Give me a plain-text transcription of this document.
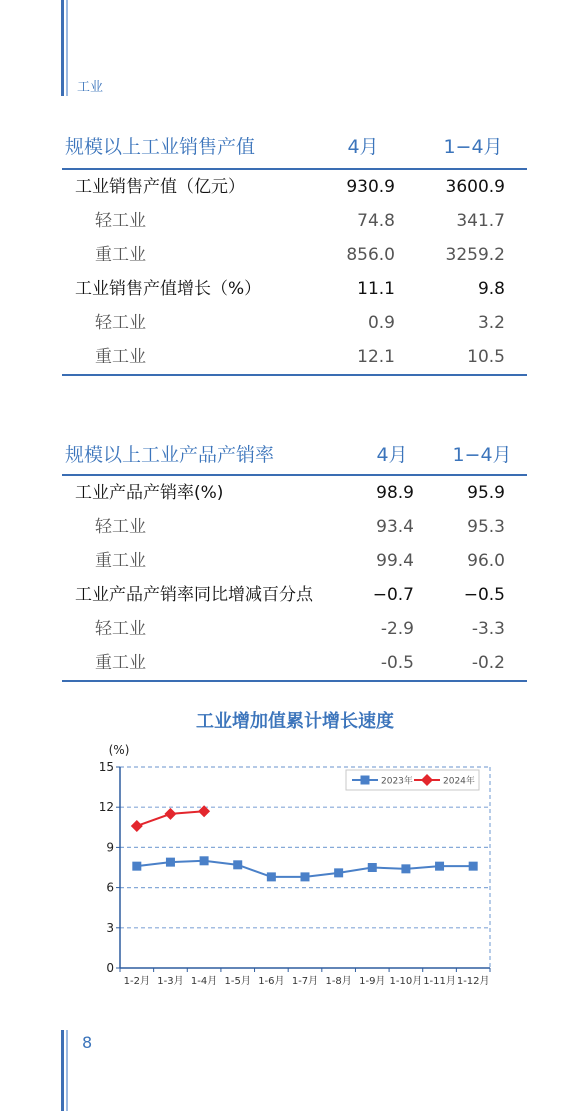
工业
规模以上工业销售产值	4月	1−4月
工业销售产值（亿元）	930.9	3600.9
轻工业	74.8	341.7
重工业	856.0	3259.2
工业销售产值增长（%）	11.1	9.8
轻工业	0.9	3.2
重工业	12.1	10.5
规模以上工业产品产销率	4月	1−4月
工业产品产销率(%)	98.9	95.9
轻工业	93.4	95.3
重工业	99.4	96.0
工业产品产销率同比增减百分点	−0.7	−0.5
轻工业	-2.9	-3.3
重工业	-0.5	-0.2
工业增加值累计增长速度
0
3
6
9
12
15
1-2月 1-3月 1-4月 1-5月 1-6月 1-7月 1-8月 1-9月 1-10月 1-11月 1-12月
(%)
2023年	2024年
8
